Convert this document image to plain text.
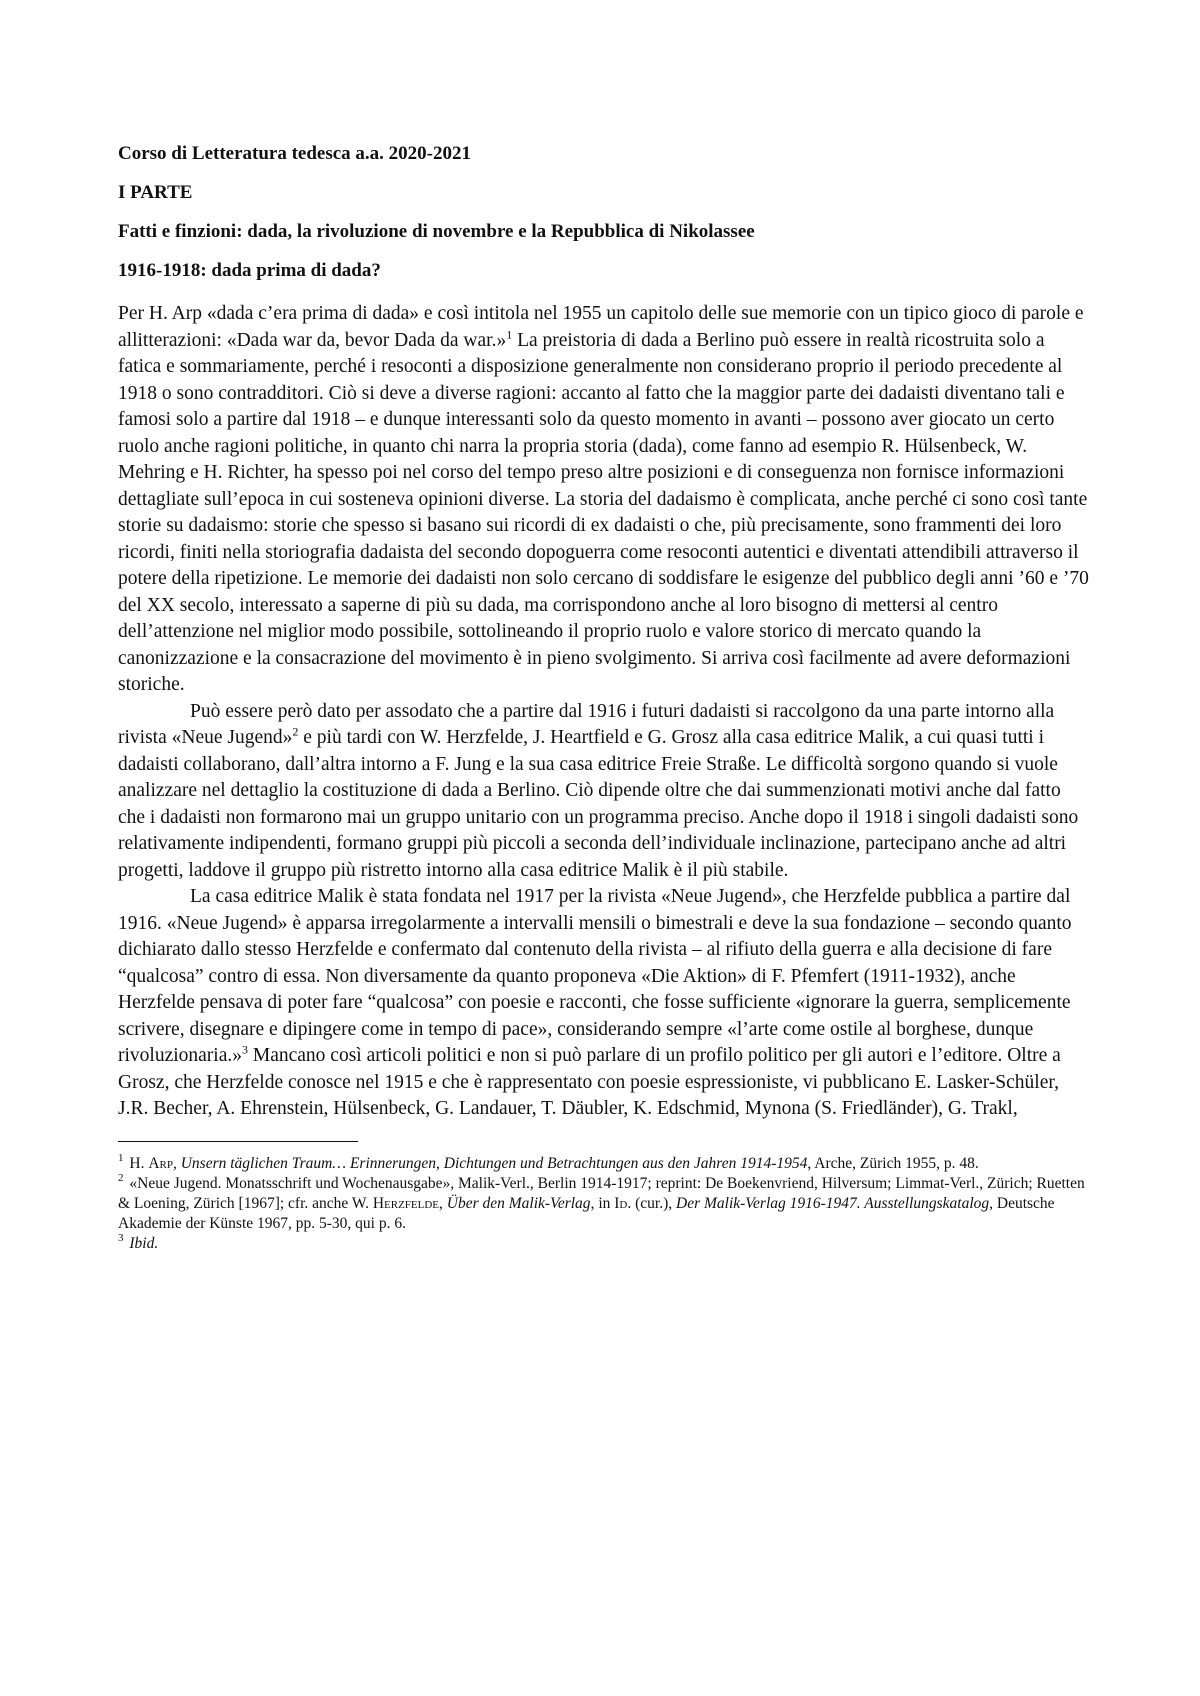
Corso di Letteratura tedesca a.a. 2020-2021
I PARTE
Fatti e finzioni: dada, la rivoluzione di novembre e la Repubblica di Nikolassee
1916-1918: dada prima di dada?

Per H. Arp «dada c’era prima di dada» e così intitola nel 1955 un capitolo delle sue memorie con un tipico gioco di parole e allitterazioni: «Dada war da, bevor Dada da war.»$^1$ La preistoria di dada a Berlino può essere in realtà ricostruita solo a fatica e sommariamente, perché i resoconti a disposizione generalmente non considerano proprio il periodo precedente al 1918 o sono contradditori. Ciò si deve a diverse ragioni: accanto al fatto che la maggior parte dei dadaisti diventano tali e famosi solo a partire dal 1918 – e dunque interessanti solo da questo momento in avanti – possono aver giocato un certo ruolo anche ragioni politiche, in quanto chi narra la propria storia (dada), come fanno ad esempio R. Hülsenbeck, W. Mehring e H. Richter, ha spesso poi nel corso del tempo preso altre posizioni e di conseguenza non fornisce informazioni dettagliate sull’epoca in cui sosteneva opinioni diverse. La storia del dadaismo è complicata, anche perché ci sono così tante storie su dadaismo: storie che spesso si basano sui ricordi di ex dadaisti o che, più precisamente, sono frammenti dei loro ricordi, finiti nella storiografia dadaista del secondo dopoguerra come resoconti autentici e diventati attendibili attraverso il potere della ripetizione. Le memorie dei dadaisti non solo cercano di soddisfare le esigenze del pubblico degli anni ’60 e ’70 del XX secolo, interessato a saperne di più su dada, ma corrispondono anche al loro bisogno di mettersi al centro dell’attenzione nel miglior modo possibile, sottolineando il proprio ruolo e valore storico di mercato quando la canonizzazione e la consacrazione del movimento è in pieno svolgimento. Si arriva così facilmente ad avere deformazioni storiche.

Può essere però dato per assodato che a partire dal 1916 i futuri dadaisti si raccolgono da una parte intorno alla rivista «Neue Jugend»$^2$ e più tardi con W. Herzfelde, J. Heartfield e G. Grosz alla casa editrice Malik, a cui quasi tutti i dadaisti collaborano, dall’altra intorno a F. Jung e la sua casa editrice Freie Straße. Le difficoltà sorgono quando si vuole analizzare nel dettaglio la costituzione di dada a Berlino. Ciò dipende oltre che dai summenzionati motivi anche dal fatto che i dadaisti non formarono mai un gruppo unitario con un programma preciso. Anche dopo il 1918 i singoli dadaisti sono relativamente indipendenti, formano gruppi più piccoli a seconda dell’individuale inclinazione, partecipano anche ad altri progetti, laddove il gruppo più ristretto intorno alla casa editrice Malik è il più stabile.

La casa editrice Malik è stata fondata nel 1917 per la rivista «Neue Jugend», che Herzfelde pubblica a partire dal 1916. «Neue Jugend» è apparsa irregolarmente a intervalli mensili o bimestrali e deve la sua fondazione – secondo quanto dichiarato dallo stesso Herzfelde e confermato dal contenuto della rivista – al rifiuto della guerra e alla decisione di fare “qualcosa” contro di essa. Non diversamente da quanto proponeva «Die Aktion» di F. Pfemfert (1911-1932), anche Herzfelde pensava di poter fare “qualcosa” con poesie e racconti, che fosse sufficiente «ignorare la guerra, semplicemente scrivere, disegnare e dipingere come in tempo di pace», considerando sempre «l’arte come ostile al borghese, dunque rivoluzionaria.»$^3$ Mancano così articoli politici e non si può parlare di un profilo politico per gli autori e l’editore. Oltre a Grosz, che Herzfelde conosce nel 1915 e che è rappresentato con poesie espressioniste, vi pubblicano E. Lasker-Schüler, J.R. Becher, A. Ehrenstein, Hülsenbeck, G. Landauer, T. Däubler, K. Edschmid, Mynona (S. Friedländer), G. Trakl,

$^1$ H. Arp, Unsern täglichen Traum… Erinnerungen, Dichtungen und Betrachtungen aus den Jahren 1914-1954, Arche, Zürich 1955, p. 48.

$^2$ «Neue Jugend. Monatsschrift und Wochenausgabe», Malik-Verl., Berlin 1914-1917; reprint: De Boekenvriend, Hilversum; Limmat-Verl., Zürich; Ruetten & Loening, Zürich [1967]; cfr. anche W. Herzfelde, Über den Malik-Verlag, in Id. (cur.), Der Malik-Verlag 1916-1947. Ausstellungskatalog, Deutsche Akademie der Künste 1967, pp. 5-30, qui p. 6.

$^3$ Ibid.
